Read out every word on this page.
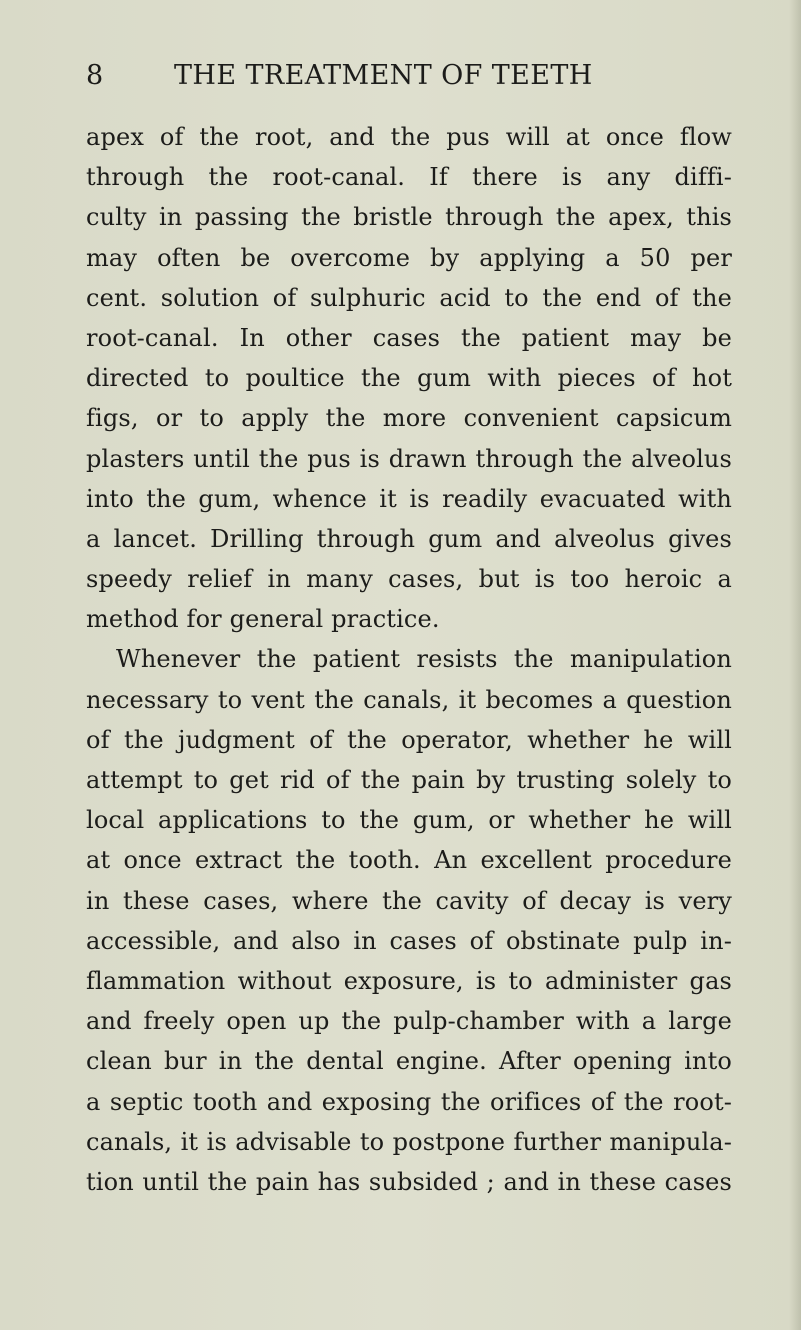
8	THE TREATMENT OF TEETH
apex of the root, and the pus will at once flow
through the root-canal. If there is any diffi-
culty in passing the bristle through the apex, this
may often be overcome by applying a 50 per
cent. solution of sulphuric acid to the end of the
root-canal. In other cases the patient may be
directed to poultice the gum with pieces of hot
figs, or to apply the more convenient capsicum
plasters until the pus is drawn through the alveolus
into the gum, whence it is readily evacuated with
a lancet. Drilling through gum and alveolus gives
speedy relief in many cases, but is too heroic a
method for general practice.
Whenever the patient resists the manipulation
necessary to vent the canals, it becomes a question
of the judgment of the operator, whether he will
attempt to get rid of the pain by trusting solely to
local applications to the gum, or whether he will
at once extract the tooth. An excellent procedure
in these cases, where the cavity of decay is very
accessible, and also in cases of obstinate pulp in-
flammation without exposure, is to administer gas
and freely open up the pulp-chamber with a large
clean bur in the dental engine. After opening into
a septic tooth and exposing the orifices of the root-
canals, it is advisable to postpone further manipula-
tion until the pain has subsided ; and in these cases
